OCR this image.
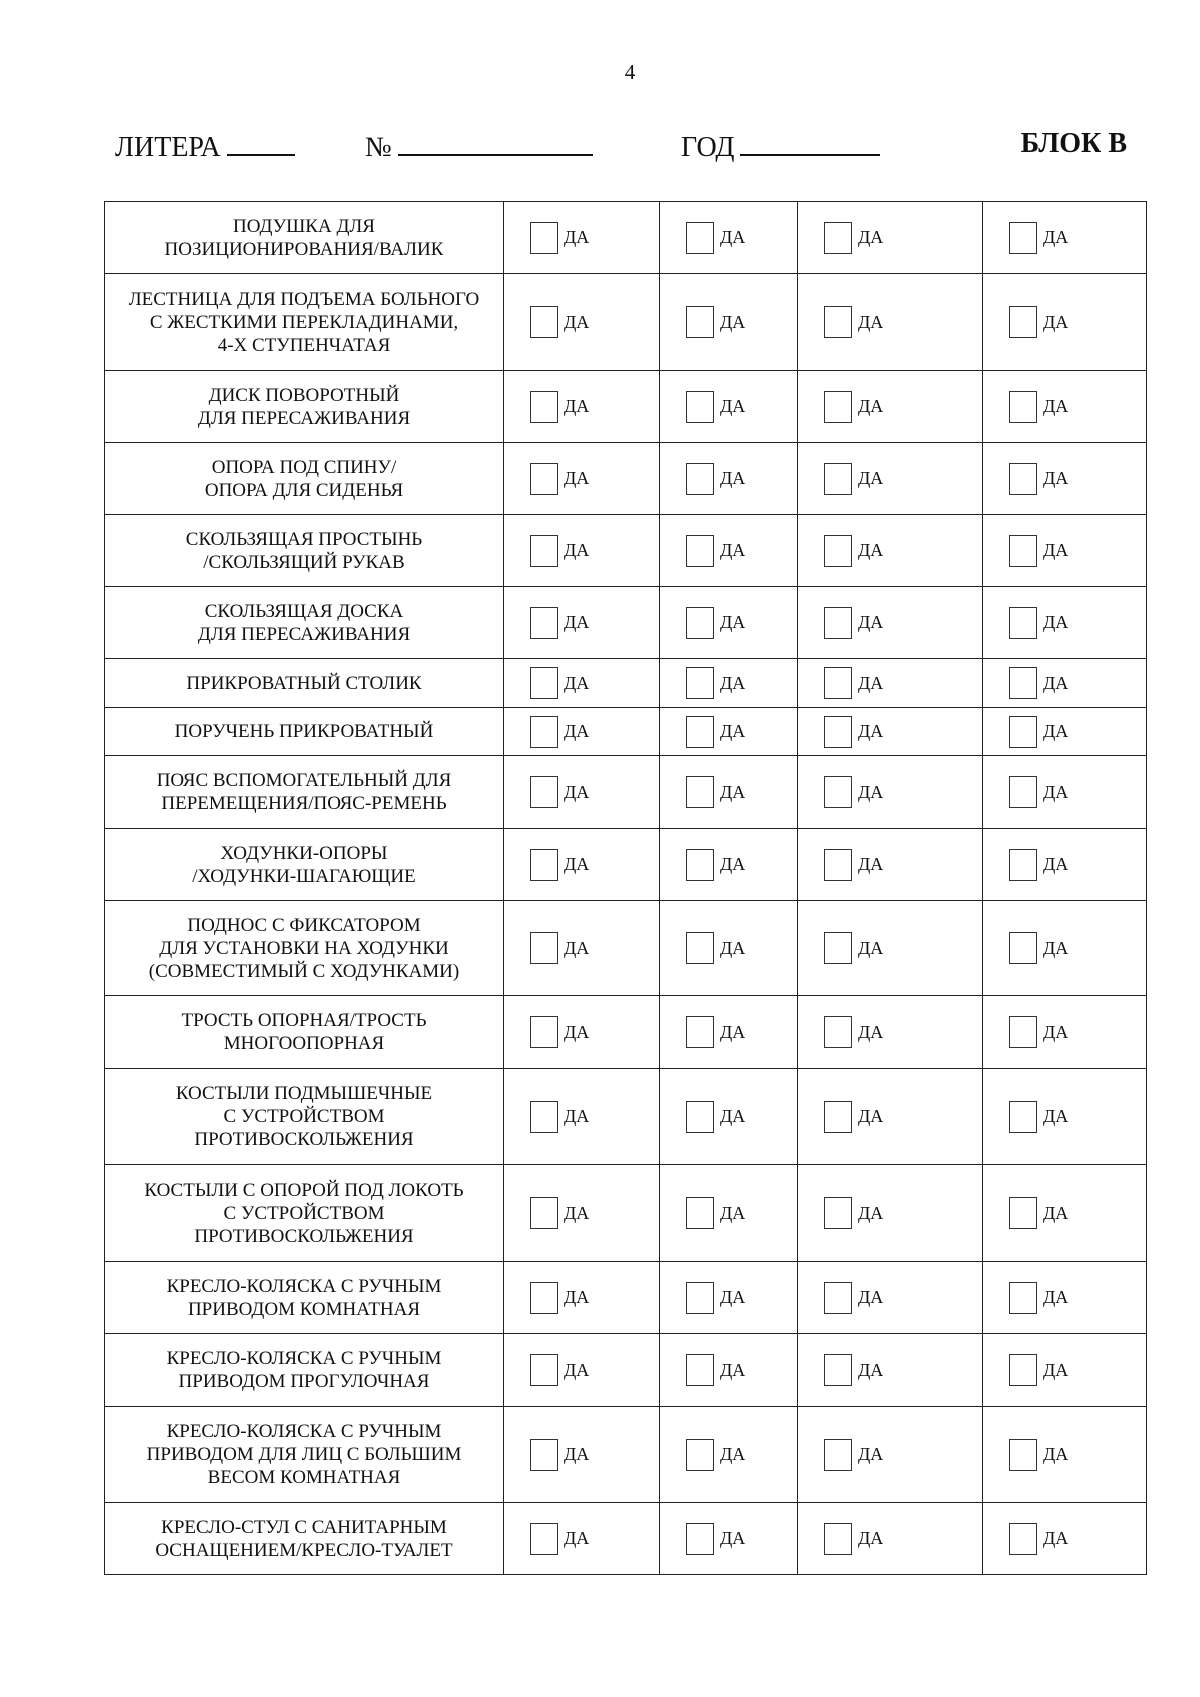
4
ЛИТЕРА	№	ГОД	БЛОК В
ПОДУШКА ДЛЯ
ПОЗИЦИОНИРОВАНИЯ/ВАЛИК	ДА	ДА	ДА	ДА

ЛЕСТНИЦА ДЛЯ ПОДЪЕМА БОЛЬНОГО
С ЖЕСТКИМИ ПЕРЕКЛАДИНАМИ,
4-Х СТУПЕНЧАТАЯ	ДА	ДА	ДА	ДА

ДИСК ПОВОРОТНЫЙ
ДЛЯ ПЕРЕСАЖИВАНИЯ	ДА	ДА	ДА	ДА

ОПОРА ПОД СПИНУ/
ОПОРА ДЛЯ СИДЕНЬЯ	ДА	ДА	ДА	ДА

СКОЛЬЗЯЩАЯ ПРОСТЫНЬ
/СКОЛЬЗЯЩИЙ РУКАВ	ДА	ДА	ДА	ДА

СКОЛЬЗЯЩАЯ ДОСКА
ДЛЯ ПЕРЕСАЖИВАНИЯ	ДА	ДА	ДА	ДА

ПРИКРОВАТНЫЙ СТОЛИК	ДА	ДА	ДА	ДА

ПОРУЧЕНЬ ПРИКРОВАТНЫЙ	ДА	ДА	ДА	ДА

ПОЯС ВСПОМОГАТЕЛЬНЫЙ ДЛЯ
ПЕРЕМЕЩЕНИЯ/ПОЯС-РЕМЕНЬ	ДА	ДА	ДА	ДА

ХОДУНКИ-ОПОРЫ
/ХОДУНКИ-ШАГАЮЩИЕ	ДА	ДА	ДА	ДА

ПОДНОС С ФИКСАТОРОМ
ДЛЯ УСТАНОВКИ НА ХОДУНКИ
(СОВМЕСТИМЫЙ С ХОДУНКАМИ)	ДА	ДА	ДА	ДА

ТРОСТЬ ОПОРНАЯ/ТРОСТЬ
МНОГООПОРНАЯ	ДА	ДА	ДА	ДА

КОСТЫЛИ ПОДМЫШЕЧНЫЕ
С УСТРОЙСТВОМ
ПРОТИВОСКОЛЬЖЕНИЯ	ДА	ДА	ДА	ДА

КОСТЫЛИ С ОПОРОЙ ПОД ЛОКОТЬ
С УСТРОЙСТВОМ
ПРОТИВОСКОЛЬЖЕНИЯ	ДА	ДА	ДА	ДА

КРЕСЛО-КОЛЯСКА С РУЧНЫМ
ПРИВОДОМ КОМНАТНАЯ	ДА	ДА	ДА	ДА

КРЕСЛО-КОЛЯСКА С РУЧНЫМ
ПРИВОДОМ ПРОГУЛОЧНАЯ	ДА	ДА	ДА	ДА

КРЕСЛО-КОЛЯСКА С РУЧНЫМ
ПРИВОДОМ ДЛЯ ЛИЦ С БОЛЬШИМ
ВЕСОМ КОМНАТНАЯ	ДА	ДА	ДА	ДА

КРЕСЛО-СТУЛ С САНИТАРНЫМ
ОСНАЩЕНИЕМ/КРЕСЛО-ТУАЛЕТ	ДА	ДА	ДА	ДА
